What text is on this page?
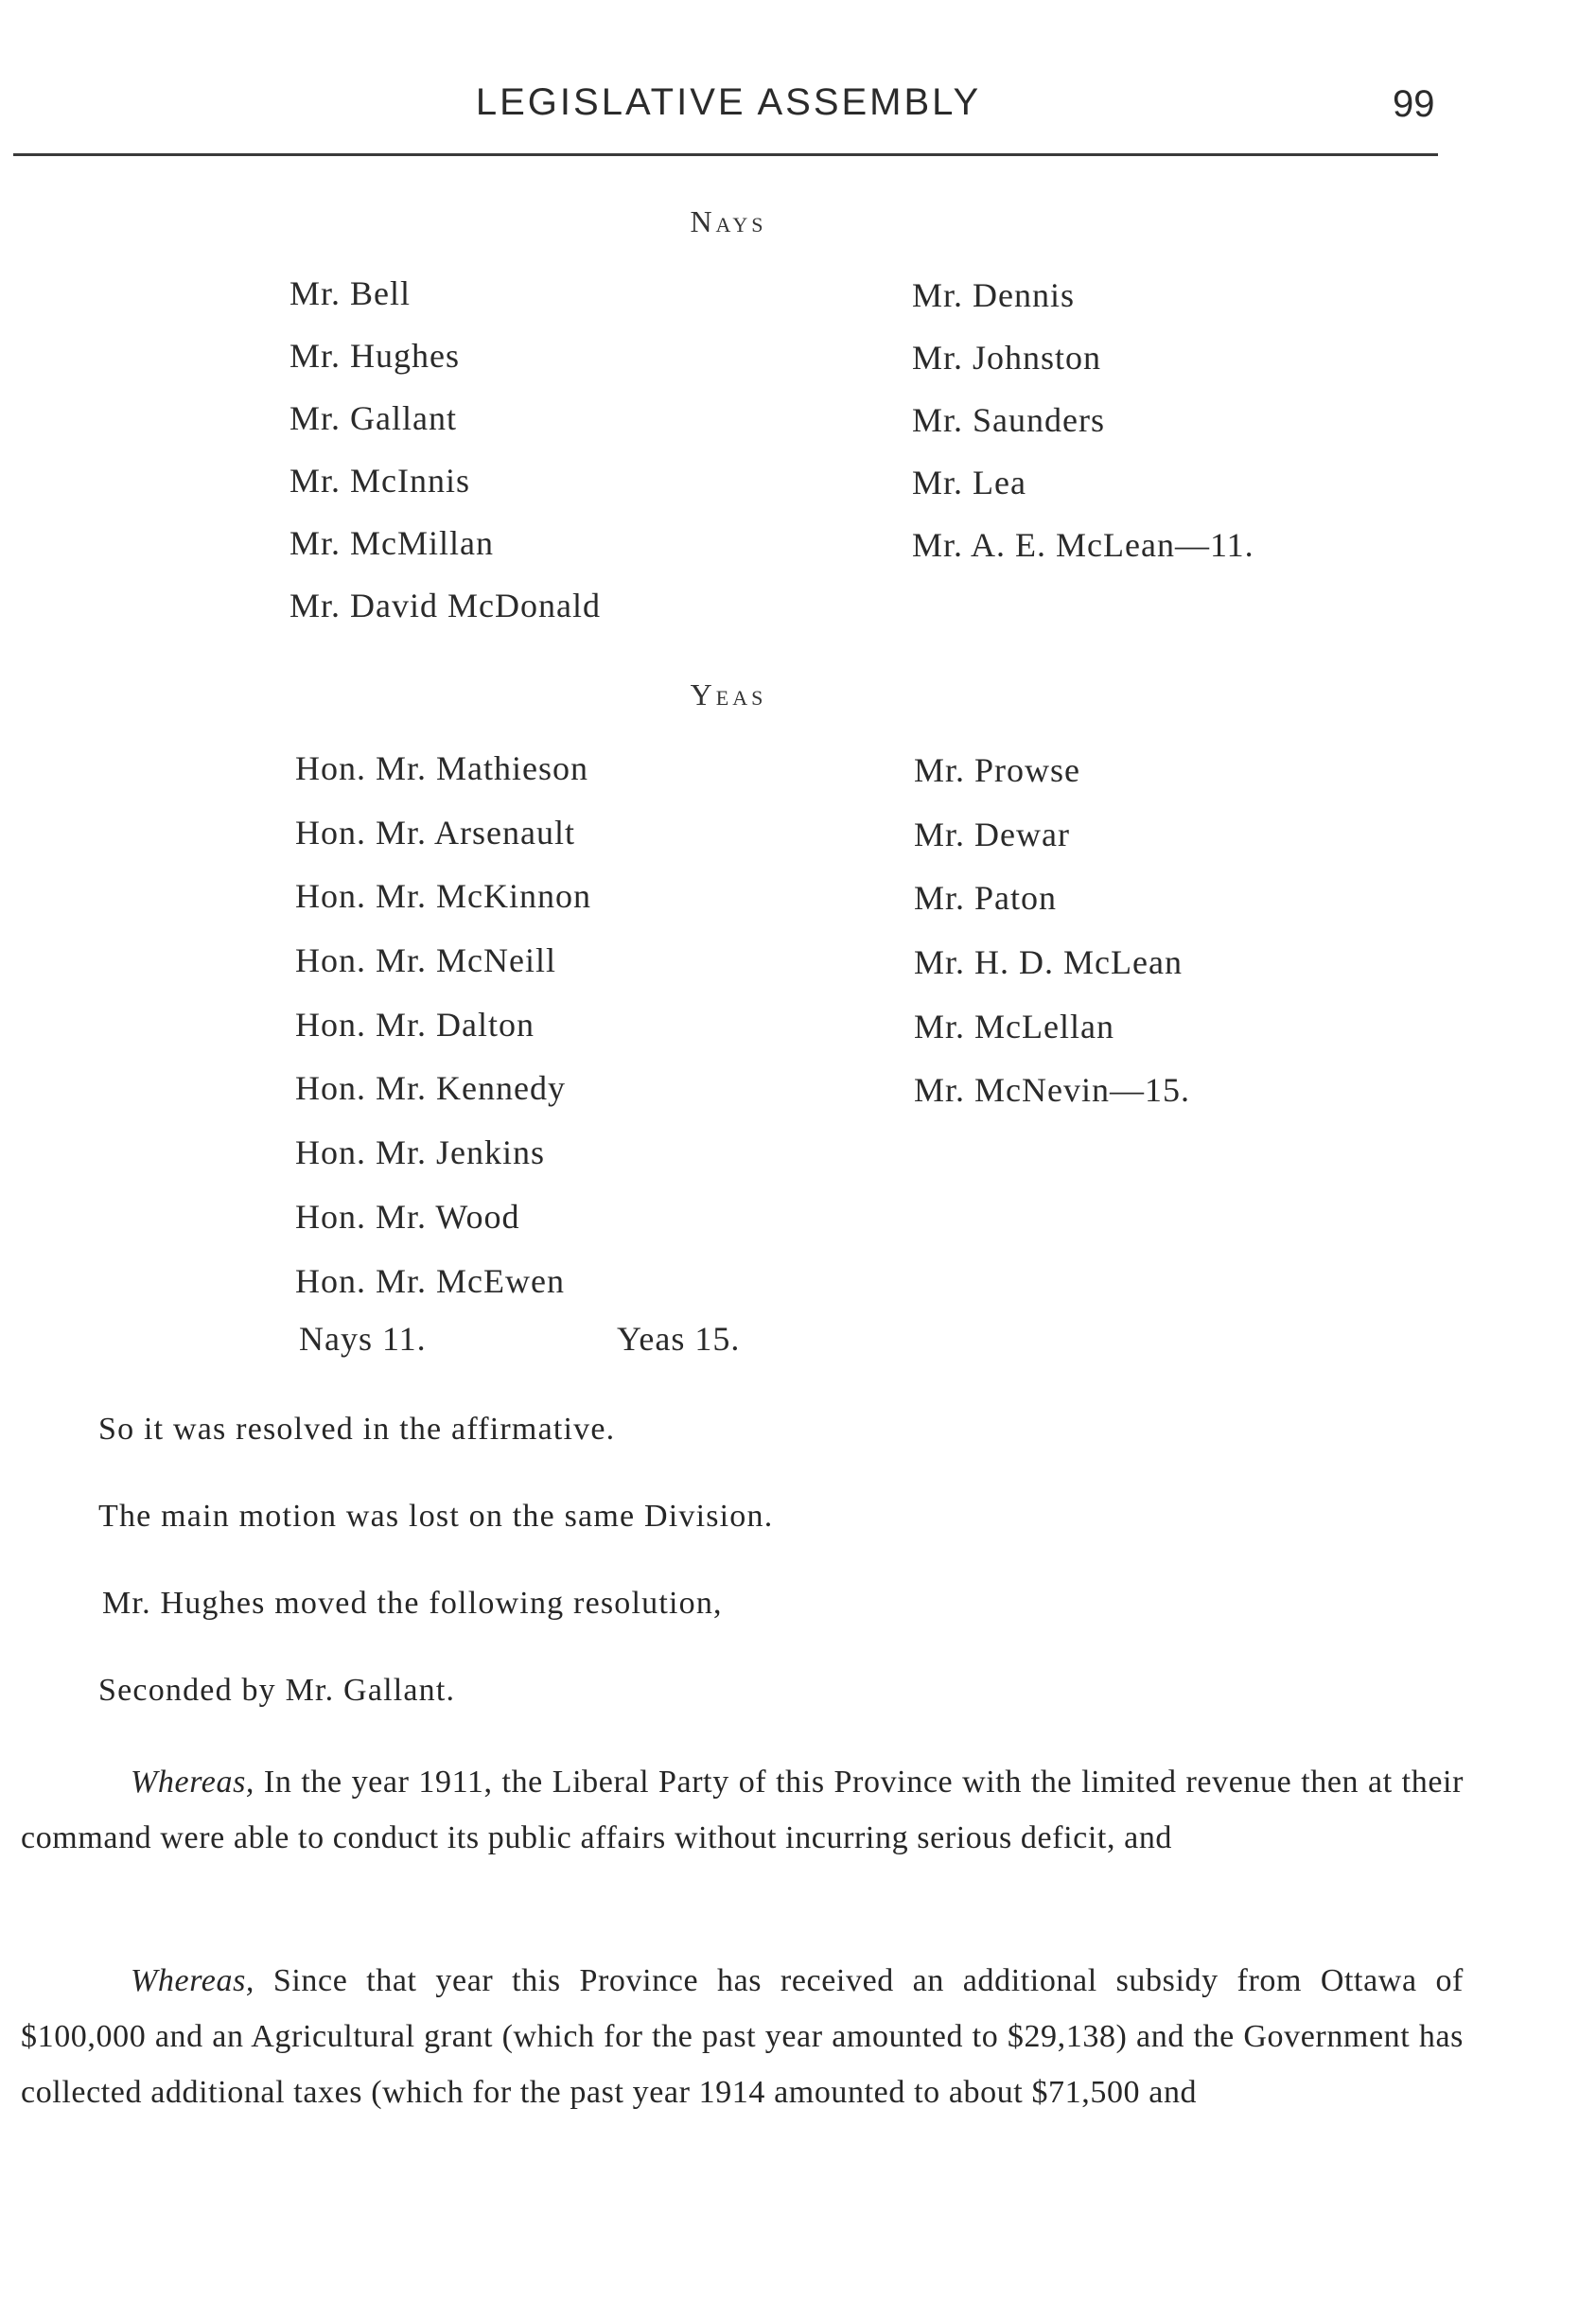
LEGISLATIVE ASSEMBLY	99
Nays
Mr. Bell
Mr. Hughes
Mr. Gallant
Mr. McInnis
Mr. McMillan
Mr. David McDonald
Mr. Dennis
Mr. Johnston
Mr. Saunders
Mr. Lea
Mr. A. E. McLean—11.
Yeas
Hon. Mr. Mathieson
Hon. Mr. Arsenault
Hon. Mr. McKinnon
Hon. Mr. McNeill
Hon. Mr. Dalton
Hon. Mr. Kennedy
Hon. Mr. Jenkins
Hon. Mr. Wood
Hon. Mr. McEwen
Mr. Prowse
Mr. Dewar
Mr. Paton
Mr. H. D. McLean
Mr. McLellan
Mr. McNevin—15.
Nays 11.	Yeas 15.
So it was resolved in the affirmative.
The main motion was lost on the same Division.
Mr. Hughes moved the following resolution,
Seconded by Mr. Gallant.
Whereas, In the year 1911, the Liberal Party of this Province with the limited revenue then at their command were able to conduct its public affairs without incurring serious deficit, and
Whereas, Since that year this Province has received an additional subsidy from Ottawa of $100,000 and an Agricultural grant (which for the past year amounted to $29,138) and the Government has collected additional taxes (which for the past year 1914 amounted to about $71,500 and
